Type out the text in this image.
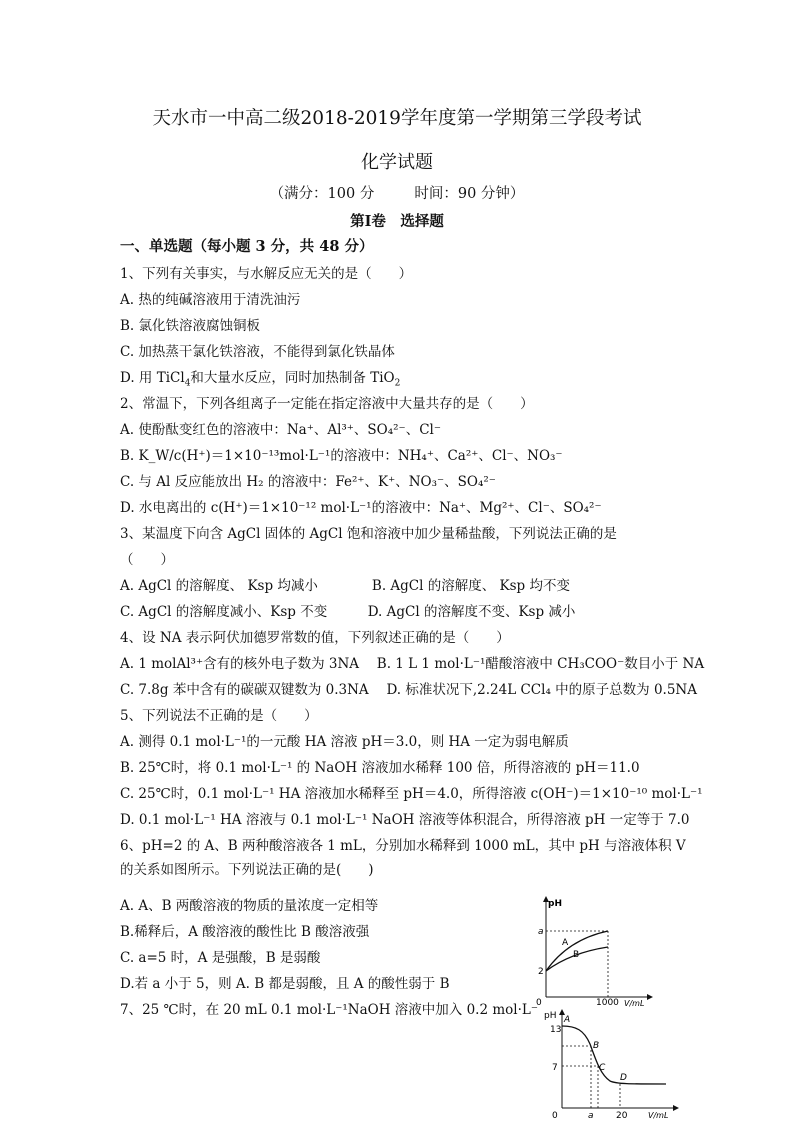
天水市一中高二级2018-2019学年度第一学期第三学段考试
化学试题
（满分：100 分	时间：90 分钟）
第Ⅰ卷　选择题
一、单选题（每小题 3 分，共 48 分）
1、下列有关事实，与水解反应无关的是（　　）
A. 热的纯碱溶液用于清洗油污
B. 氯化铁溶液腐蚀铜板
C. 加热蒸干氯化铁溶液，不能得到氯化铁晶体
D. 用 TiCl$_4$和大量水反应，同时加热制备 TiO$_2$
2、常温下，下列各组离子一定能在指定溶液中大量共存的是（　　）
A. 使酚酞变红色的溶液中：Na⁺、Al³⁺、SO₄²⁻、Cl⁻
B. K_W/c(H⁺)＝1×10⁻¹³mol·L⁻¹的溶液中：NH₄⁺、Ca²⁺、Cl⁻、NO₃⁻
C. 与 Al 反应能放出 H₂ 的溶液中：Fe²⁺、K⁺、NO₃⁻、SO₄²⁻
D. 水电离出的 c(H⁺)＝1×10⁻¹² mol·L⁻¹的溶液中：Na⁺、Mg²⁺、Cl⁻、SO₄²⁻
3、某温度下向含 AgCl 固体的 AgCl 饱和溶液中加少量稀盐酸，下列说法正确的是
（　　）
A. AgCl 的溶解度、 Ksp 均减小　　　　B. AgCl 的溶解度、 Ksp 均不变
C. AgCl 的溶解度减小、Ksp 不变　　　D. AgCl 的溶解度不变、Ksp 减小
4、设 NA 表示阿伏加德罗常数的值，下列叙述正确的是（　　）
A. 1 molAl³⁺含有的核外电子数为 3NA　 B. 1 L 1 mol·L⁻¹醋酸溶液中 CH₃COO⁻数目小于 NA
C. 7.8g 苯中含有的碳碳双键数为 0.3NA　 D. 标准状况下,2.24L CCl₄ 中的原子总数为 0.5NA
5、下列说法不正确的是（　　）
A. 测得 0.1 mol·L⁻¹的一元酸 HA 溶液 pH＝3.0，则 HA 一定为弱电解质
B. 25℃时，将 0.1 mol·L⁻¹ 的 NaOH 溶液加水稀释 100 倍，所得溶液的 pH＝11.0
C. 25℃时，0.1 mol·L⁻¹ HA 溶液加水稀释至 pH＝4.0，所得溶液 c(OH⁻)＝1×10⁻¹⁰ mol·L⁻¹
D. 0.1 mol·L⁻¹ HA 溶液与 0.1 mol·L⁻¹ NaOH 溶液等体积混合，所得溶液 pH 一定等于 7.0
6、pH=2 的 A、B 两种酸溶液各 1 mL，分别加水稀释到 1000 mL，其中 pH 与溶液体积 V
的关系如图所示。下列说法正确的是(　　)
A. A、B 两酸溶液的物质的量浓度一定相等
B.稀释后，A 酸溶液的酸性比 B 酸溶液强
C. a=5 时，A 是强酸，B 是弱酸
D.若 a 小于 5，则 A. B 都是弱酸，且 A 的酸性弱于 B
7、25 ℃时，在 20 mL 0.1 mol·L⁻¹NaOH 溶液中加入 0.2 mol·L⁻
pH
V/mL
0	1000
2
a
A
B
pH
V/mL
13
7
0	a 20
A
B
C
D
